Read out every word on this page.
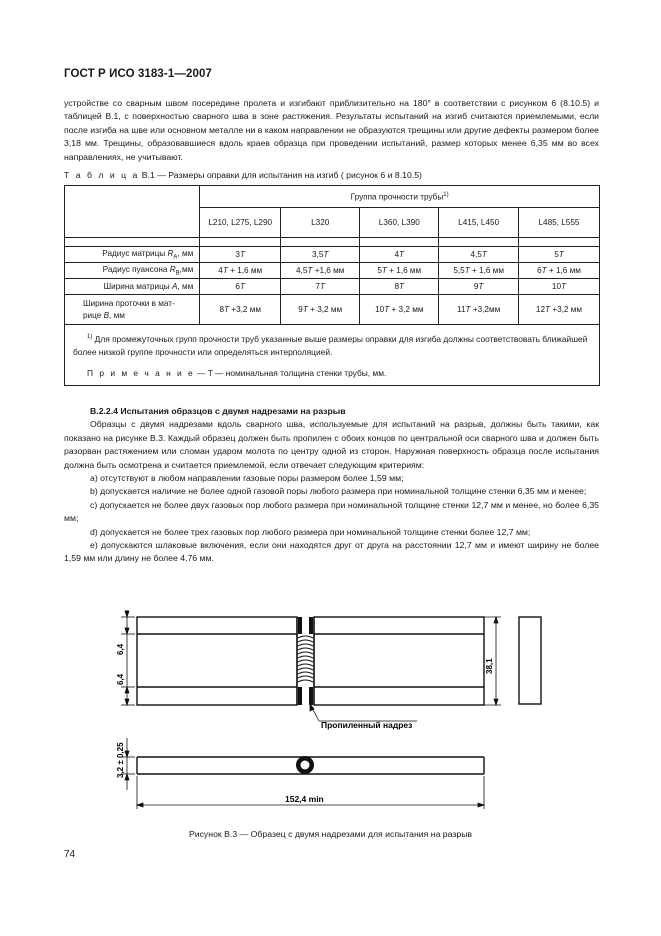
ГОСТ Р ИСО 3183-1—2007

устройстве со сварным швом посередине пролета и изгибают приблизительно на 180° в соответствии с рисунком 6 (8.10.5) и таблицей В.1, с поверхностью сварного шва в зоне растяжения. Результаты испытаний на изгиб считаются приемлемыми, если после изгиба на шве или основном металле ни в каком направлении не образуются трещины или другие дефекты размером более 3,18 мм. Трещины, образовавшиеся вдоль краев образца при проведении испытаний, размер которых менее 6,35 мм во всех направлениях, не учитывают.

Т а б л и ц а В.1 — Размеры оправки для испытания на изгиб ( рисунок 6 и 8.10.5)
	Группа прочности трубы$^{1)}$
	L210, L275, L290	L320	L360, L390	L415, L450	L485, L555

Радиус матрицы $R_A$, мм	3T	3,5T	4T	4,5T	5T
Радиус пуансона $R_B,мм$	4T + 1,6 мм	4,5T +1,6 мм	5T + 1,6 мм	5,5T + 1,6 мм	6T + 1,6 мм
Ширина матрицы A, мм	6T	7T	8T	9T	10T
Ширина проточки в мат-
рице B, мм	8T +3,2 мм	9T + 3,2 мм	10T + 3,2 мм	11T +3,2мм	12T +3,2 мм

$^{1)}$ Для промежуточных групп прочности труб указанные выше размеры оправки для изгиба должны соответствовать ближайшей более низкой группе прочности или определяться интерполяцией.

П р и м е ч а н и е — T — номинальная толщина стенки трубы, мм.					

В.2.2.4 Испытания образцов с двумя надрезами на разрыв

Образцы с двумя надрезами вдоль сварного шва, используемые для испытаний на разрыв, должны быть такими, как показано на рисунке В.3. Каждый образец должен быть пропилен с обоих концов по центральной оси сварного шва и должен быть разорван растяжением или сломан ударом молота по центру одной из сторон. Наружная поверхность образца после испытания должна быть осмотрена и считается приемлемой, если отвечает следующим критериям:

а) отсутствуют в любом направлении газовые поры размером более 1,59 мм;

b) допускается наличие не более одной газовой поры любого размера при номинальной толщине стенки 6,35 мм и менее;

с) допускается не более двух газовых пор любого размера при номинальной толщине стенки 12,7 мм и менее, но более 6,35 мм;

d) допускается не более трех газовых пор любого размера при номинальной толщине стенки более 12,7 мм;

е) допускаются шлаковые включения, если они находятся друг от друга на расстоянии 12,7 мм и имеют ширину не более 1,59 мм или длину не более 4,76 мм.

6,4
6,4
38,1
Пропиленный надрез
3,2 ± 0,25
152,4 min
Рисунок В.3 — Образец с двумя надрезами для испытания на разрыв
74
